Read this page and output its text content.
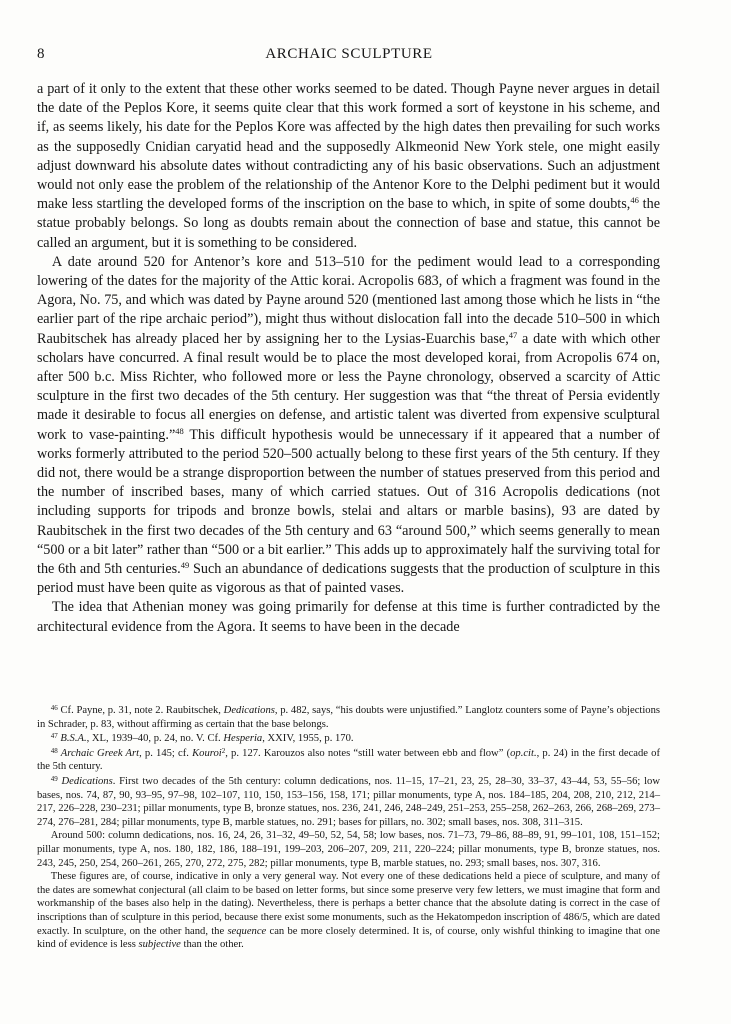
8	ARCHAIC SCULPTURE

a part of it only to the extent that these other works seemed to be dated. Though Payne never argues in detail the date of the Peplos Kore, it seems quite clear that this work formed a sort of keystone in his scheme, and if, as seems likely, his date for the Peplos Kore was affected by the high dates then prevailing for such works as the supposedly Cnidian caryatid head and the supposedly Alkmeonid New York stele, one might easily adjust downward his absolute dates without contradicting any of his basic observations. Such an adjustment would not only ease the problem of the relationship of the Antenor Kore to the Delphi pediment but it would make less startling the developed forms of the inscription on the base to which, in spite of some doubts,$^{46}$ the statue probably belongs. So long as doubts remain about the connection of base and statue, this cannot be called an argument, but it is something to be considered.

A date around 520 for Antenor’s kore and 513–510 for the pediment would lead to a corresponding lowering of the dates for the majority of the Attic korai. Acropolis 683, of which a fragment was found in the Agora, No. 75, and which was dated by Payne around 520 (mentioned last among those which he lists in “the earlier part of the ripe archaic period”), might thus without dislocation fall into the decade 510–500 in which Raubitschek has already placed her by assigning her to the Lysias-Euarchis base,$^{47}$ a date with which other scholars have concurred. A final result would be to place the most developed korai, from Acropolis 674 on, after 500 b.c. Miss Richter, who followed more or less the Payne chronology, observed a scarcity of Attic sculpture in the first two decades of the 5th century. Her suggestion was that “the threat of Persia evidently made it desirable to focus all energies on defense, and artistic talent was diverted from expensive sculptural work to vase-painting.”$^{48}$ This difficult hypothesis would be unnecessary if it appeared that a number of works formerly attributed to the period 520–500 actually belong to these first years of the 5th century. If they did not, there would be a strange disproportion between the number of statues preserved from this period and the number of inscribed bases, many of which carried statues. Out of 316 Acropolis dedications (not including supports for tripods and bronze bowls, stelai and altars or marble basins), 93 are dated by Raubitschek in the first two decades of the 5th century and 63 “around 500,” which seems generally to mean “500 or a bit later” rather than “500 or a bit earlier.” This adds up to approximately half the surviving total for the 6th and 5th centuries.$^{49}$ Such an abundance of dedications suggests that the production of sculpture in this period must have been quite as vigorous as that of painted vases.

The idea that Athenian money was going primarily for defense at this time is further contradicted by the architectural evidence from the Agora. It seems to have been in the decade

$^{46}$ Cf. Payne, p. 31, note 2. Raubitschek, Dedications, p. 482, says, “his doubts were unjustified.” Langlotz counters some of Payne’s objections in Schrader, p. 83, without affirming as certain that the base belongs.

$^{47}$ B.S.A., XL, 1939–40, p. 24, no. V. Cf. Hesperia, XXIV, 1955, p. 170.

$^{48}$ Archaic Greek Art, p. 145; cf. Kouroi$^2$, p. 127. Karouzos also notes “still water between ebb and flow” (op.cit., p. 24) in the first decade of the 5th century.

$^{49}$ Dedications. First two decades of the 5th century: column dedications, nos. 11–15, 17–21, 23, 25, 28–30, 33–37, 43–44, 53, 55–56; low bases, nos. 74, 87, 90, 93–95, 97–98, 102–107, 110, 150, 153–156, 158, 171; pillar monuments, type A, nos. 184–185, 204, 208, 210, 212, 214–217, 226–228, 230–231; pillar monuments, type B, bronze statues, nos. 236, 241, 246, 248–249, 251–253, 255–258, 262–263, 266, 268–269, 273–274, 276–281, 284; pillar monuments, type B, marble statues, no. 291; bases for pillars, no. 302; small bases, nos. 308, 311–315.

Around 500: column dedications, nos. 16, 24, 26, 31–32, 49–50, 52, 54, 58; low bases, nos. 71–73, 79–86, 88–89, 91, 99–101, 108, 151–152; pillar monuments, type A, nos. 180, 182, 186, 188–191, 199–203, 206–207, 209, 211, 220–224; pillar monuments, type B, bronze statues, nos. 243, 245, 250, 254, 260–261, 265, 270, 272, 275, 282; pillar monuments, type B, marble statues, no. 293; small bases, nos. 307, 316.

These figures are, of course, indicative in only a very general way. Not every one of these dedications held a piece of sculpture, and many of the dates are somewhat conjectural (all claim to be based on letter forms, but since some preserve very few letters, we must imagine that form and workmanship of the bases also help in the dating). Nevertheless, there is perhaps a better chance that the absolute dating is correct in the case of inscriptions than of sculpture in this period, because there exist some monuments, such as the Hekatompedon inscription of 486/5, which are dated exactly. In sculpture, on the other hand, the sequence can be more closely determined. It is, of course, only wishful thinking to imagine that one kind of evidence is less subjective than the other.
